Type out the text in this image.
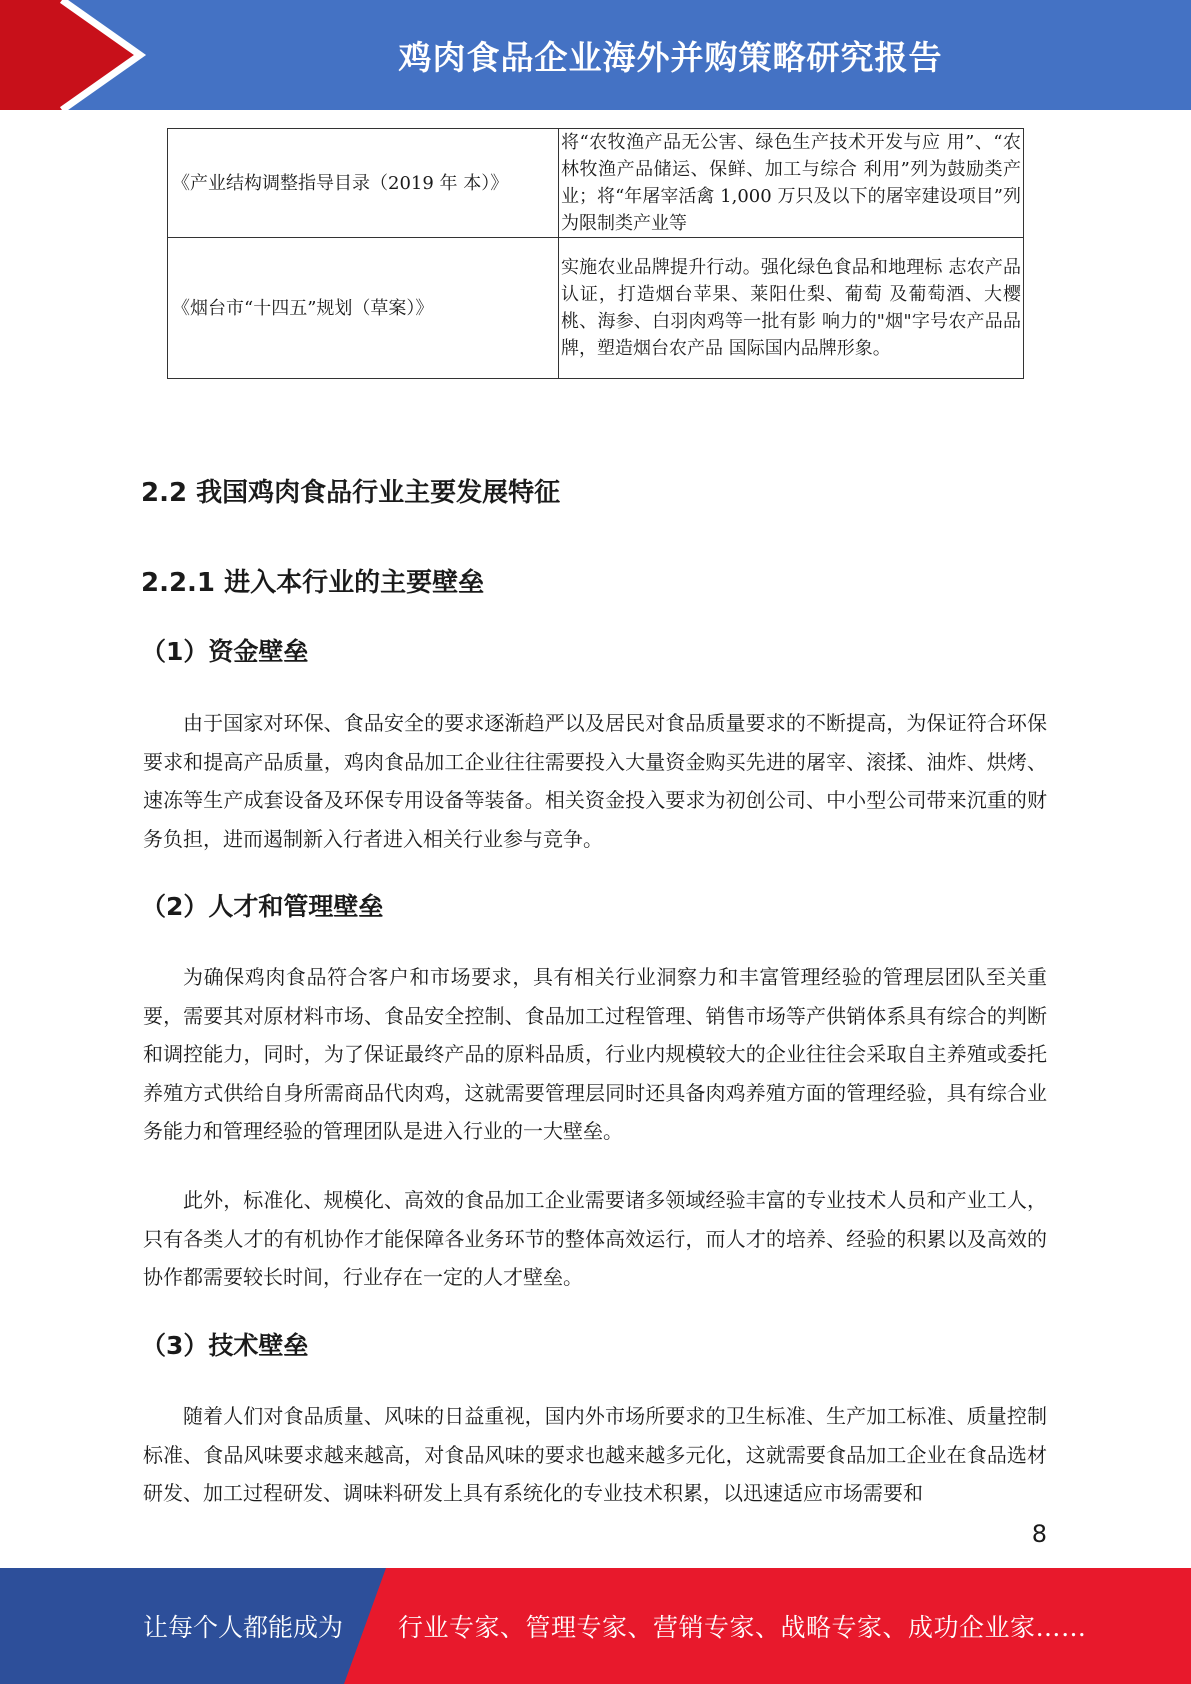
鸡肉食品企业海外并购策略研究报告
《产业结构调整指导目录（2019 年 本）》	将“农牧渔产品无公害、绿色生产技术开发与应 用”、“农林牧渔产品储运、保鲜、加工与综合 利用”列为鼓励类产业；将“年屠宰活禽 1,000 万只及以下的屠宰建设项目”列为限制类产业等
《烟台市“十四五”规划（草案）》	实施农业品牌提升行动。强化绿色食品和地理标 志农产品认证，打造烟台苹果、莱阳仕梨、葡萄 及葡萄酒、大樱桃、海参、白羽肉鸡等一批有影 响力的"烟"字号农产品品牌，塑造烟台农产品 国际国内品牌形象。
2.2 我国鸡肉食品行业主要发展特征
2.2.1 进入本行业的主要壁垒
（1）资金壁垒

由于国家对环保、食品安全的要求逐渐趋严以及居民对食品质量要求的不断提高，为保证符合环保要求和提高产品质量，鸡肉食品加工企业往往需要投入大量资金购买先进的屠宰、滚揉、油炸、烘烤、速冻等生产成套设备及环保专用设备等装备。相关资金投入要求为初创公司、中小型公司带来沉重的财务负担，进而遏制新入行者进入相关行业参与竞争。

（2）人才和管理壁垒

为确保鸡肉食品符合客户和市场要求，具有相关行业洞察力和丰富管理经验的管理层团队至关重要，需要其对原材料市场、食品安全控制、食品加工过程管理、销售市场等产供销体系具有综合的判断和调控能力，同时，为了保证最终产品的原料品质，行业内规模较大的企业往往会采取自主养殖或委托养殖方式供给自身所需商品代肉鸡，这就需要管理层同时还具备肉鸡养殖方面的管理经验，具有综合业务能力和管理经验的管理团队是进入行业的一大壁垒。

此外，标准化、规模化、高效的食品加工企业需要诸多领域经验丰富的专业技术人员和产业工人，只有各类人才的有机协作才能保障各业务环节的整体高效运行，而人才的培养、经验的积累以及高效的协作都需要较长时间，行业存在一定的人才壁垒。

（3）技术壁垒

随着人们对食品质量、风味的日益重视，国内外市场所要求的卫生标准、生产加工标准、质量控制标准、食品风味要求越来越高，对食品风味的要求也越来越多元化，这就需要食品加工企业在食品选材研发、加工过程研发、调味料研发上具有系统化的专业技术积累，以迅速适应市场需要和

8
让每个人都能成为 行业专家、管理专家、营销专家、战略专家、成功企业家……
